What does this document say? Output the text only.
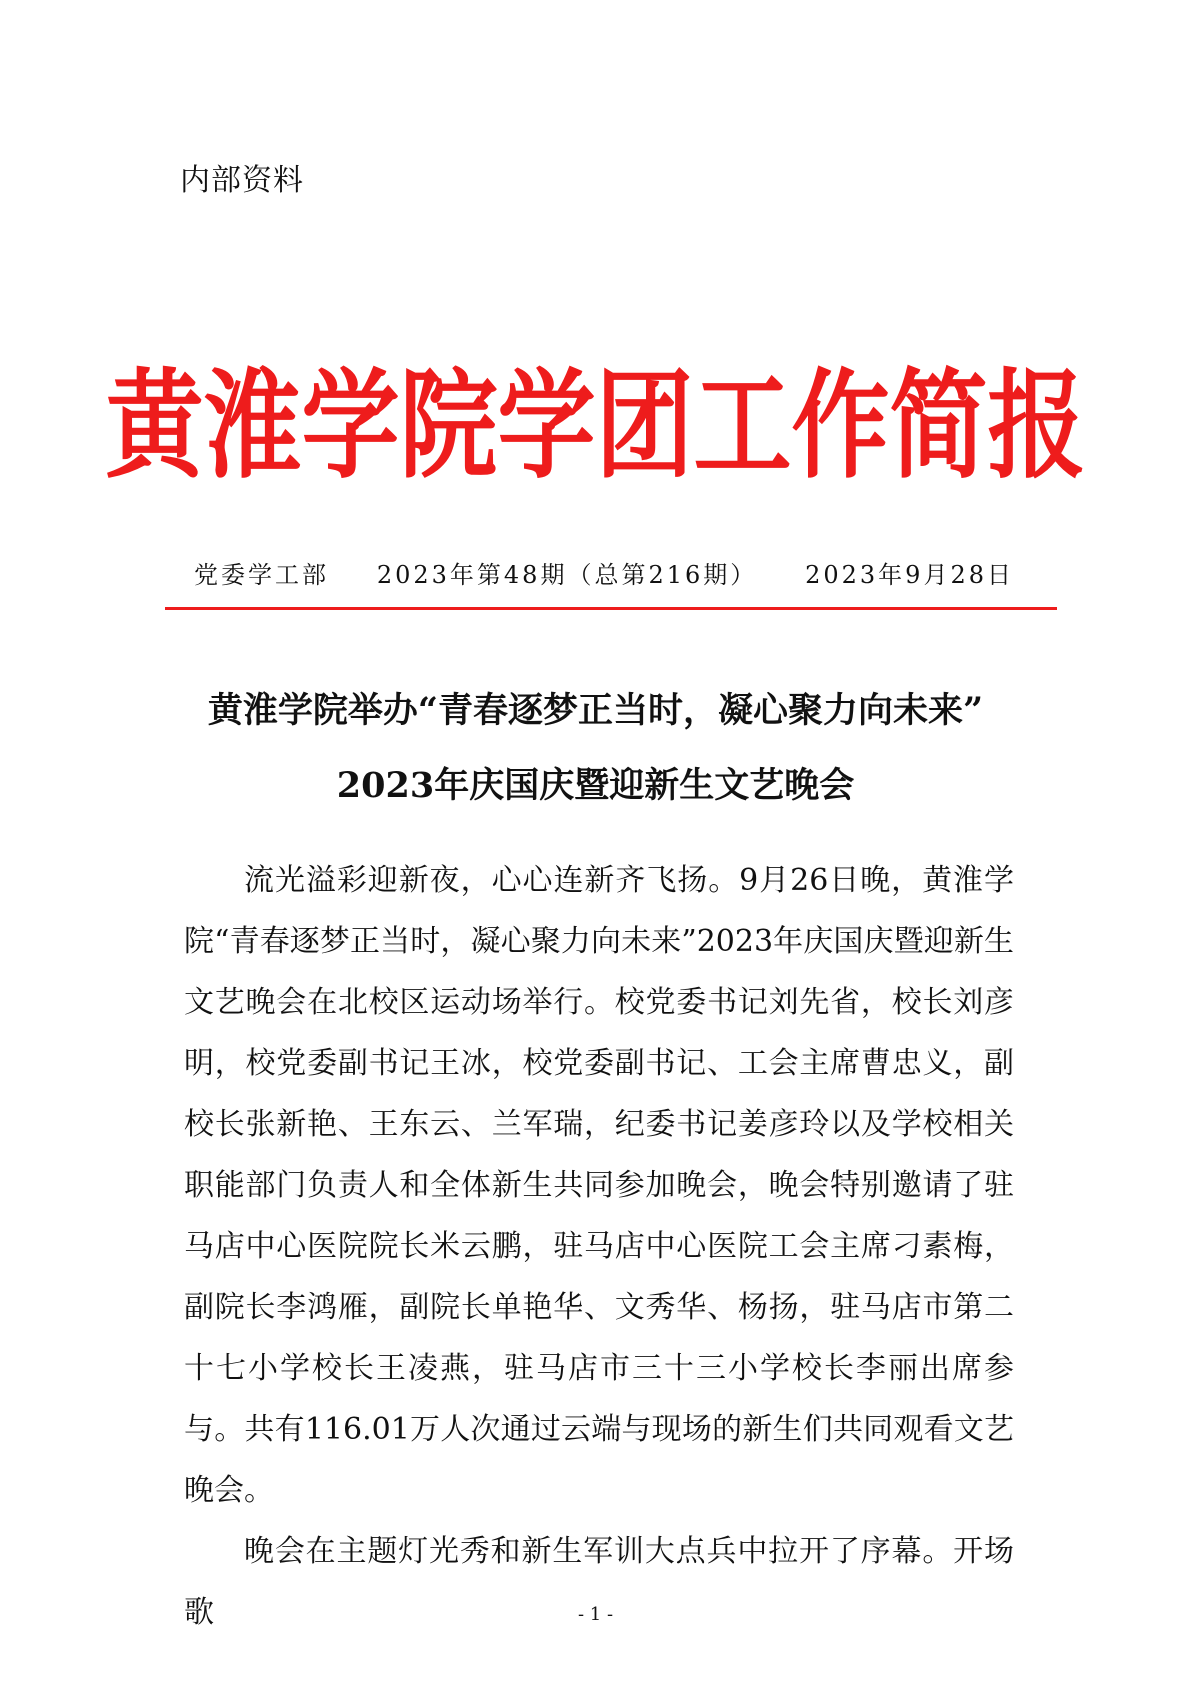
内部资料
黄淮学院学团工作简报
党委学工部 2023年第48期（总第216期） 2023年9月28日
黄淮学院举办“青春逐梦正当时，凝心聚力向未来”
2023年庆国庆暨迎新生文艺晚会

流光溢彩迎新夜，心心连新齐飞扬。9月26日晚，黄淮学院“青春逐梦正当时，凝心聚力向未来”2023年庆国庆暨迎新生文艺晚会在北校区运动场举行。校党委书记刘先省，校长刘彦明，校党委副书记王冰，校党委副书记、工会主席曹忠义，副校长张新艳、王东云、兰军瑞，纪委书记姜彦玲以及学校相关职能部门负责人和全体新生共同参加晚会，晚会特别邀请了驻马店中心医院院长米云鹏，驻马店中心医院工会主席刁素梅，副院长李鸿雁，副院长单艳华、文秀华、杨扬，驻马店市第二十七小学校长王凌燕，驻马店市三十三小学校长李丽出席参与。共有116.01万人次通过云端与现场的新生们共同观看文艺晚会。

晚会在主题灯光秀和新生军训大点兵中拉开了序幕。开场歌	- 1 -
